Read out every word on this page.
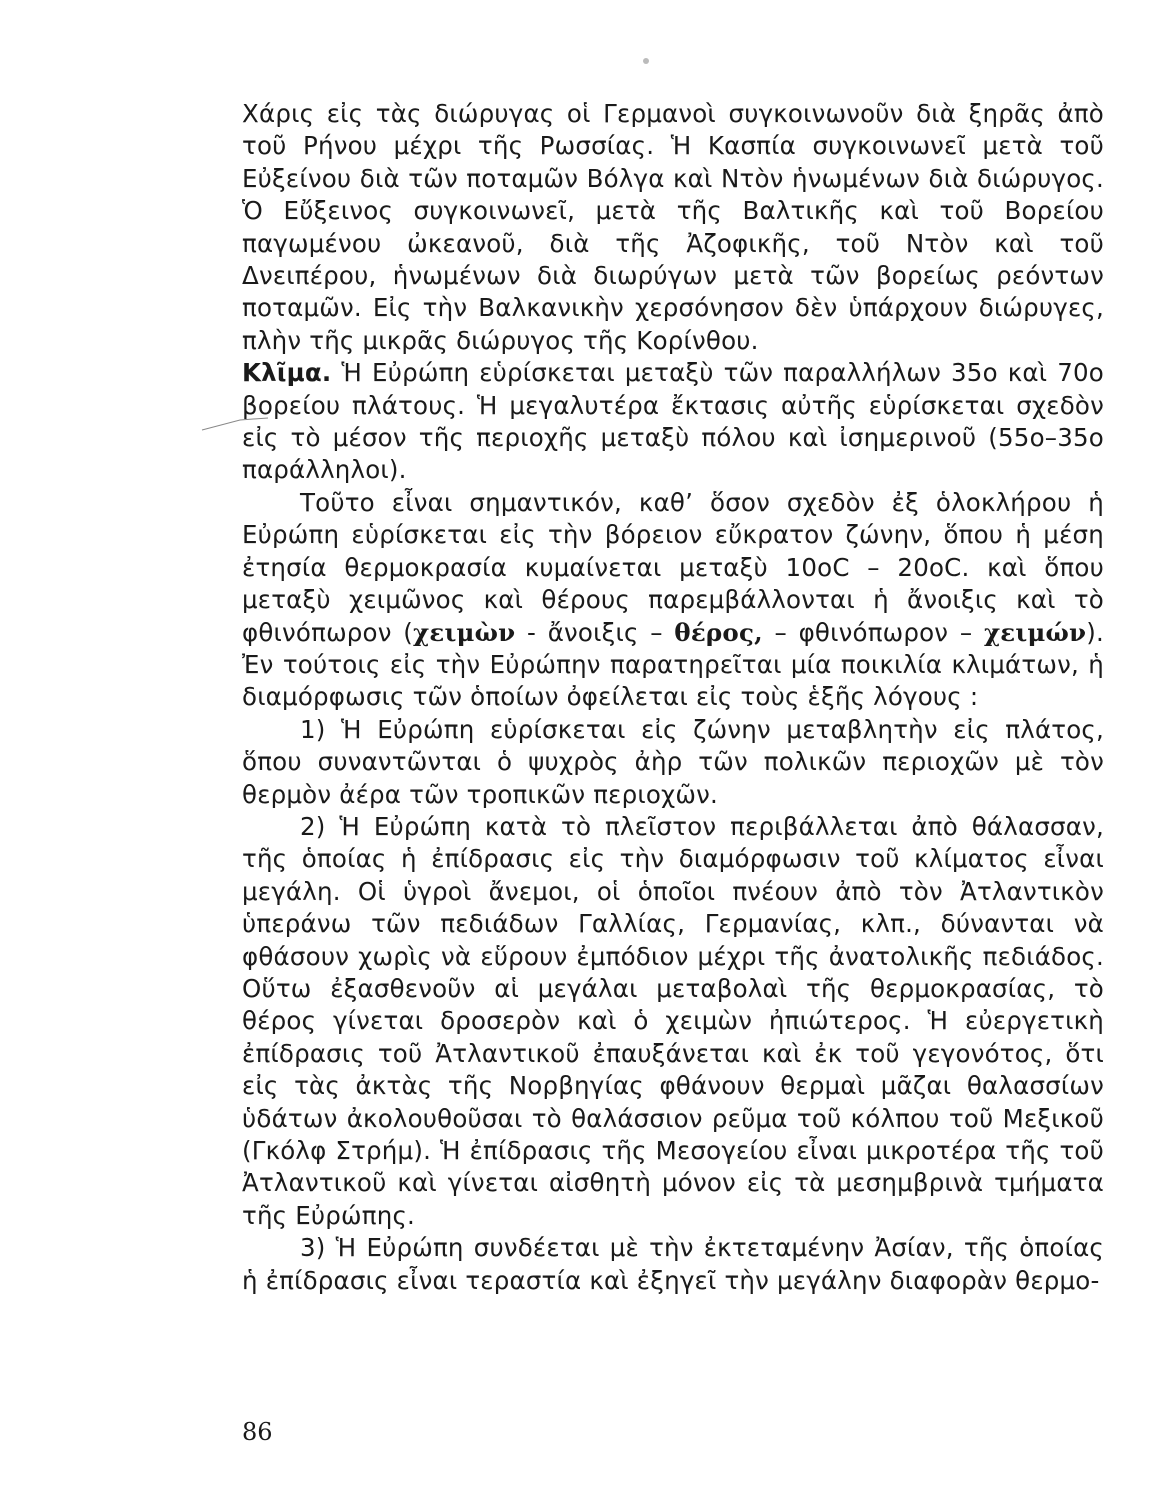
Χάρις εἰς τὰς διώρυγας οἱ Γερμανοὶ συγκοινωνοῦν διὰ ξηρᾶς ἀπὸ τοῦ Ρήνου μέχρι τῆς Ρωσσίας. Ἡ Κασπία συγκοινωνεῖ μετὰ τοῦ Εὐξείνου διὰ τῶν ποταμῶν Βόλγα καὶ Ντὸν ἡνωμένων διὰ διώρυγος. Ὁ Εὔξεινος συγκοινωνεῖ, μετὰ τῆς Βαλτικῆς καὶ τοῦ Βορείου παγωμένου ὠκεανοῦ, διὰ τῆς Ἀζοφικῆς, τοῦ Ντὸν καὶ τοῦ Δνειπέρου, ἡνωμένων διὰ διωρύγων μετὰ τῶν βορείως ρεόντων ποταμῶν. Εἰς τὴν Βαλκανικὴν χερσόνησον δὲν ὑπάρχουν διώρυγες, πλὴν τῆς μικρᾶς διώρυγος τῆς Κορίνθου.

Κλῖμα. Ἡ Εὐρώπη εὑρίσκεται μεταξὺ τῶν παραλλήλων 35ο καὶ 70ο βορείου πλάτους. Ἡ μεγαλυτέρα ἔκτασις αὐτῆς εὑρίσκεται σχεδὸν εἰς τὸ μέσον τῆς περιοχῆς μεταξὺ πόλου καὶ ἰσημερινοῦ (55ο–35ο παράλληλοι).

Τοῦτο εἶναι σημαντικόν, καθ’ ὅσον σχεδὸν ἐξ ὁλοκλήρου ἡ Εὐρώπη εὑρίσκεται εἰς τὴν βόρειον εὔκρατον ζώνην, ὅπου ἡ μέση ἐτησία θερμοκρασία κυμαίνεται μεταξὺ 10οC – 20οC. καὶ ὅπου μεταξὺ χειμῶνος καὶ θέρους παρεμβάλλονται ἡ ἄνοιξις καὶ τὸ φθινόπωρον (χειμὼν - ἄνοιξις – θέρος, – φθινόπωρον – χειμών). Ἐν τούτοις εἰς τὴν Εὐρώπην παρατηρεῖται μία ποικιλία κλιμάτων, ἡ διαμόρφωσις τῶν ὁποίων ὀφείλεται εἰς τοὺς ἑξῆς λόγους :

1) Ἡ Εὐρώπη εὑρίσκεται εἰς ζώνην μεταβλητὴν εἰς πλάτος, ὅπου συναντῶνται ὁ ψυχρὸς ἀὴρ τῶν πολικῶν περιοχῶν μὲ τὸν θερμὸν ἀέρα τῶν τροπικῶν περιοχῶν.

2) Ἡ Εὐρώπη κατὰ τὸ πλεῖστον περιβάλλεται ἀπὸ θάλασσαν, τῆς ὁποίας ἡ ἐπίδρασις εἰς τὴν διαμόρφωσιν τοῦ κλίματος εἶναι μεγάλη. Οἱ ὑγροὶ ἄνεμοι, οἱ ὁποῖοι πνέουν ἀπὸ τὸν Ἀτλαντικὸν ὑπεράνω τῶν πεδιάδων Γαλλίας, Γερμανίας, κλπ., δύνανται νὰ φθάσουν χωρὶς νὰ εὕρουν ἐμπόδιον μέχρι τῆς ἀνατολικῆς πεδιάδος. Οὕτω ἐξασθενοῦν αἱ μεγάλαι μεταβολαὶ τῆς θερμοκρασίας, τὸ θέρος γίνεται δροσερὸν καὶ ὁ χειμὼν ἠπιώτερος. Ἡ εὐεργετικὴ ἐπίδρασις τοῦ Ἀτλαντικοῦ ἐπαυξάνεται καὶ ἐκ τοῦ γεγονότος, ὅτι εἰς τὰς ἀκτὰς τῆς Νορβηγίας φθάνουν θερμαὶ μᾶζαι θαλασσίων ὑδάτων ἀκολουθοῦσαι τὸ θαλάσσιον ρεῦμα τοῦ κόλπου τοῦ Μεξικοῦ (Γκόλφ Στρήμ). Ἡ ἐπίδρασις τῆς Μεσογείου εἶναι μικροτέρα τῆς τοῦ Ἀτλαντικοῦ καὶ γίνεται αἰσθητὴ μόνον εἰς τὰ μεσημβρινὰ τμήματα τῆς Εὐρώπης.

3) Ἡ Εὐρώπη συνδέεται μὲ τὴν ἐκτεταμένην Ἀσίαν, τῆς ὁποίας ἡ ἐπίδρασις εἶναι τεραστία καὶ ἐξηγεῖ τὴν μεγάλην διαφορὰν θερμο-

86
